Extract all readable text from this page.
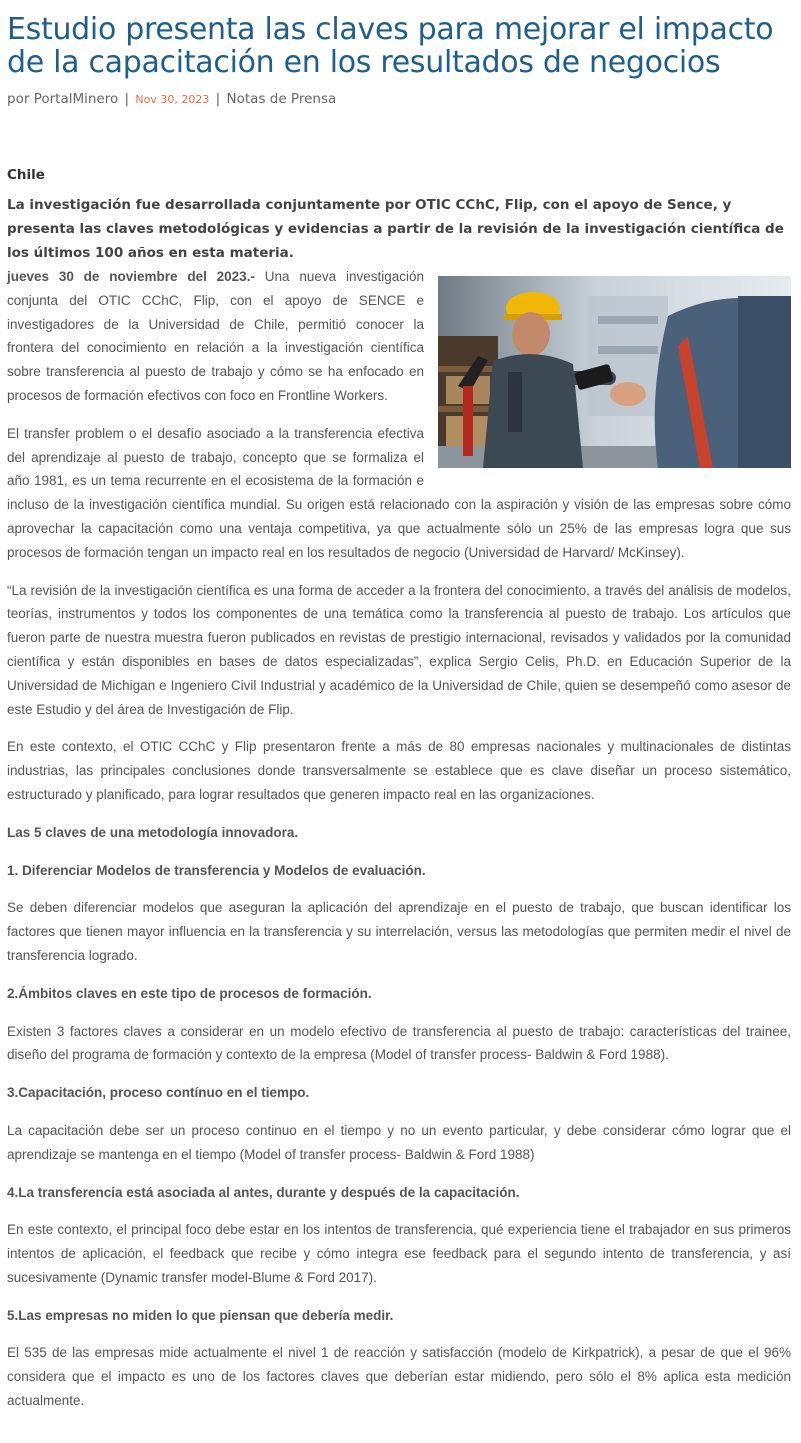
Estudio presenta las claves para mejorar el impacto de la capacitación en los resultados de negocios
por PortalMinero | Nov 30, 2023 | Notas de Prensa
Chile
La investigación fue desarrollada conjuntamente por OTIC CChC, Flip, con el apoyo de Sence, y presenta las claves metodológicas y evidencias a partir de la revisión de la investigación científica de los últimos 100 años en esta materia.

jueves 30 de noviembre del 2023.- Una nueva investigación conjunta del OTIC CChC, Flip, con el apoyo de SENCE e investigadores de la Universidad de Chile, permitió conocer la frontera del conocimiento en relación a la investigación científica sobre transferencia al puesto de trabajo y cómo se ha enfocado en procesos de formación efectivos con foco en Frontline Workers.

El transfer problem o el desafío asociado a la transferencia efectiva del aprendizaje al puesto de trabajo, concepto que se formaliza el año 1981, es un tema recurrente en el ecosistema de la formación e incluso de la investigación científica mundial. Su origen está relacionado con la aspiración y visión de las empresas sobre cómo aprovechar la capacitación como una ventaja competitiva, ya que actualmente sólo un 25% de las empresas logra que sus procesos de formación tengan un impacto real en los resultados de negocio (Universidad de Harvard/ McKinsey).

“La revisión de la investigación científica es una forma de acceder a la frontera del conocimiento, a través del análisis de modelos, teorías, instrumentos y todos los componentes de una temática como la transferencia al puesto de trabajo. Los artículos que fueron parte de nuestra muestra fueron publicados en revistas de prestigio internacional, revisados y validados por la comunidad científica y están disponibles en bases de datos especializadas”, explica Sergio Celis, Ph.D. en Educación Superior de la Universidad de Michigan e Ingeniero Civil Industrial y académico de la Universidad de Chile, quien se desempeñó como asesor de este Estudio y del área de Investigación de Flip.

En este contexto, el OTIC CChC y Flip presentaron frente a más de 80 empresas nacionales y multinacionales de distintas industrias, las principales conclusiones donde transversalmente se establece que es clave diseñar un proceso sistemático, estructurado y planificado, para lograr resultados que generen impacto real en las organizaciones.

Las 5 claves de una metodología innovadora.

1. Diferenciar Modelos de transferencia y Modelos de evaluación.

Se deben diferenciar modelos que aseguran la aplicación del aprendizaje en el puesto de trabajo, que buscan identificar los factores que tienen mayor influencia en la transferencia y su interrelación, versus las metodologías que permiten medir el nivel de transferencia logrado.

2.Ámbitos claves en este tipo de procesos de formación.

Existen 3 factores claves a considerar en un modelo efectivo de transferencia al puesto de trabajo: características del trainee, diseño del programa de formación y contexto de la empresa (Model of transfer process- Baldwin & Ford 1988).

3.Capacitación, proceso contínuo en el tiempo.

La capacitación debe ser un proceso continuo en el tiempo y no un evento particular, y debe considerar cómo lograr que el aprendizaje se mantenga en el tiempo (Model of transfer process- Baldwin & Ford 1988)

4.La transferencia está asociada al antes, durante y después de la capacitación.

En este contexto, el principal foco debe estar en los intentos de transferencia, qué experiencia tiene el trabajador en sus primeros intentos de aplicación, el feedback que recibe y cómo integra ese feedback para el segundo intento de transferencia, y así sucesivamente (Dynamic transfer model-Blume & Ford 2017).

5.Las empresas no miden lo que piensan que debería medir.

El 535 de las empresas mide actualmente el nivel 1 de reacción y satisfacción (modelo de Kirkpatrick), a pesar de que el 96% considera que el impacto es uno de los factores claves que deberían estar midiendo, pero sólo el 8% aplica esta medición actualmente.
